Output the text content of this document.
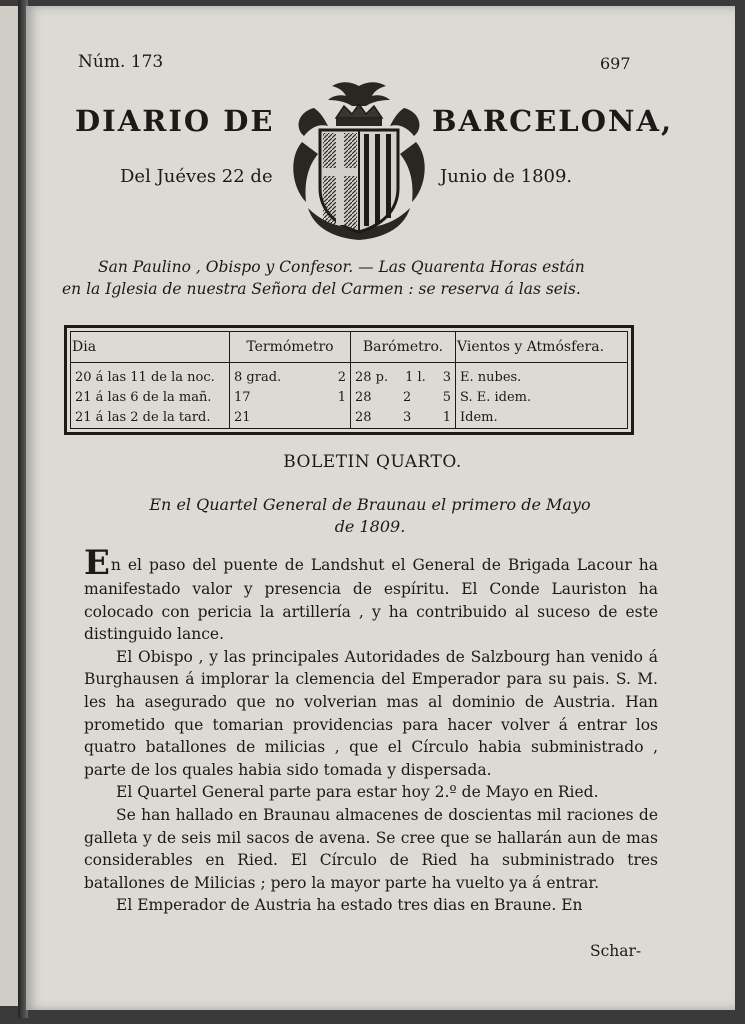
Núm. 173	697
DIARIO DE	BARCELONA,
Del Juéves 22 de	Junio de 1809.
San Paulino , Obispo y Confesor. — Las Quarenta Horas están
en la Iglesia de nuestra Señora del Carmen : se reserva á las seis.
Dia	Termómetro	Barómetro.	Vientos y Atmósfera.
20 á las 11 de la noc.	8 grad. 2	28 p. 1 l. 3	E. nubes.
21 á las 6 de la mañ.	17 1	28 2 5	S. E. idem.
21 á las 2 de la tard.	21	28 3 1	Idem.
BOLETIN QUARTO.
En el Quartel General de Braunau el primero de Mayo
de 1809.

En el paso del puente de Landshut el General de Brigada Lacour ha manifestado valor y presencia de espíritu. El Conde Lauriston ha colocado con pericia la artillería , y ha contribuido al suceso de este distinguido lance.

El Obispo , y las principales Autoridades de Salzbourg han venido á Burghausen á implorar la clemencia del Emperador para su pais. S. M. les ha asegurado que no volverian mas al dominio de Austria. Han prometido que tomarian providencias para hacer volver á entrar los quatro batallones de milicias , que el Círculo habia subministrado , parte de los quales habia sido tomada y dispersada.

El Quartel General parte para estar hoy 2.º de Mayo en Ried.

Se han hallado en Braunau almacenes de doscientas mil raciones de galleta y de seis mil sacos de avena. Se cree que se hallarán aun de mas considerables en Ried. El Círculo de Ried ha subministrado tres batallones de Milicias ; pero la mayor parte ha vuelto ya á entrar.

El Emperador de Austria ha estado tres dias en Braune. En

Schar-
